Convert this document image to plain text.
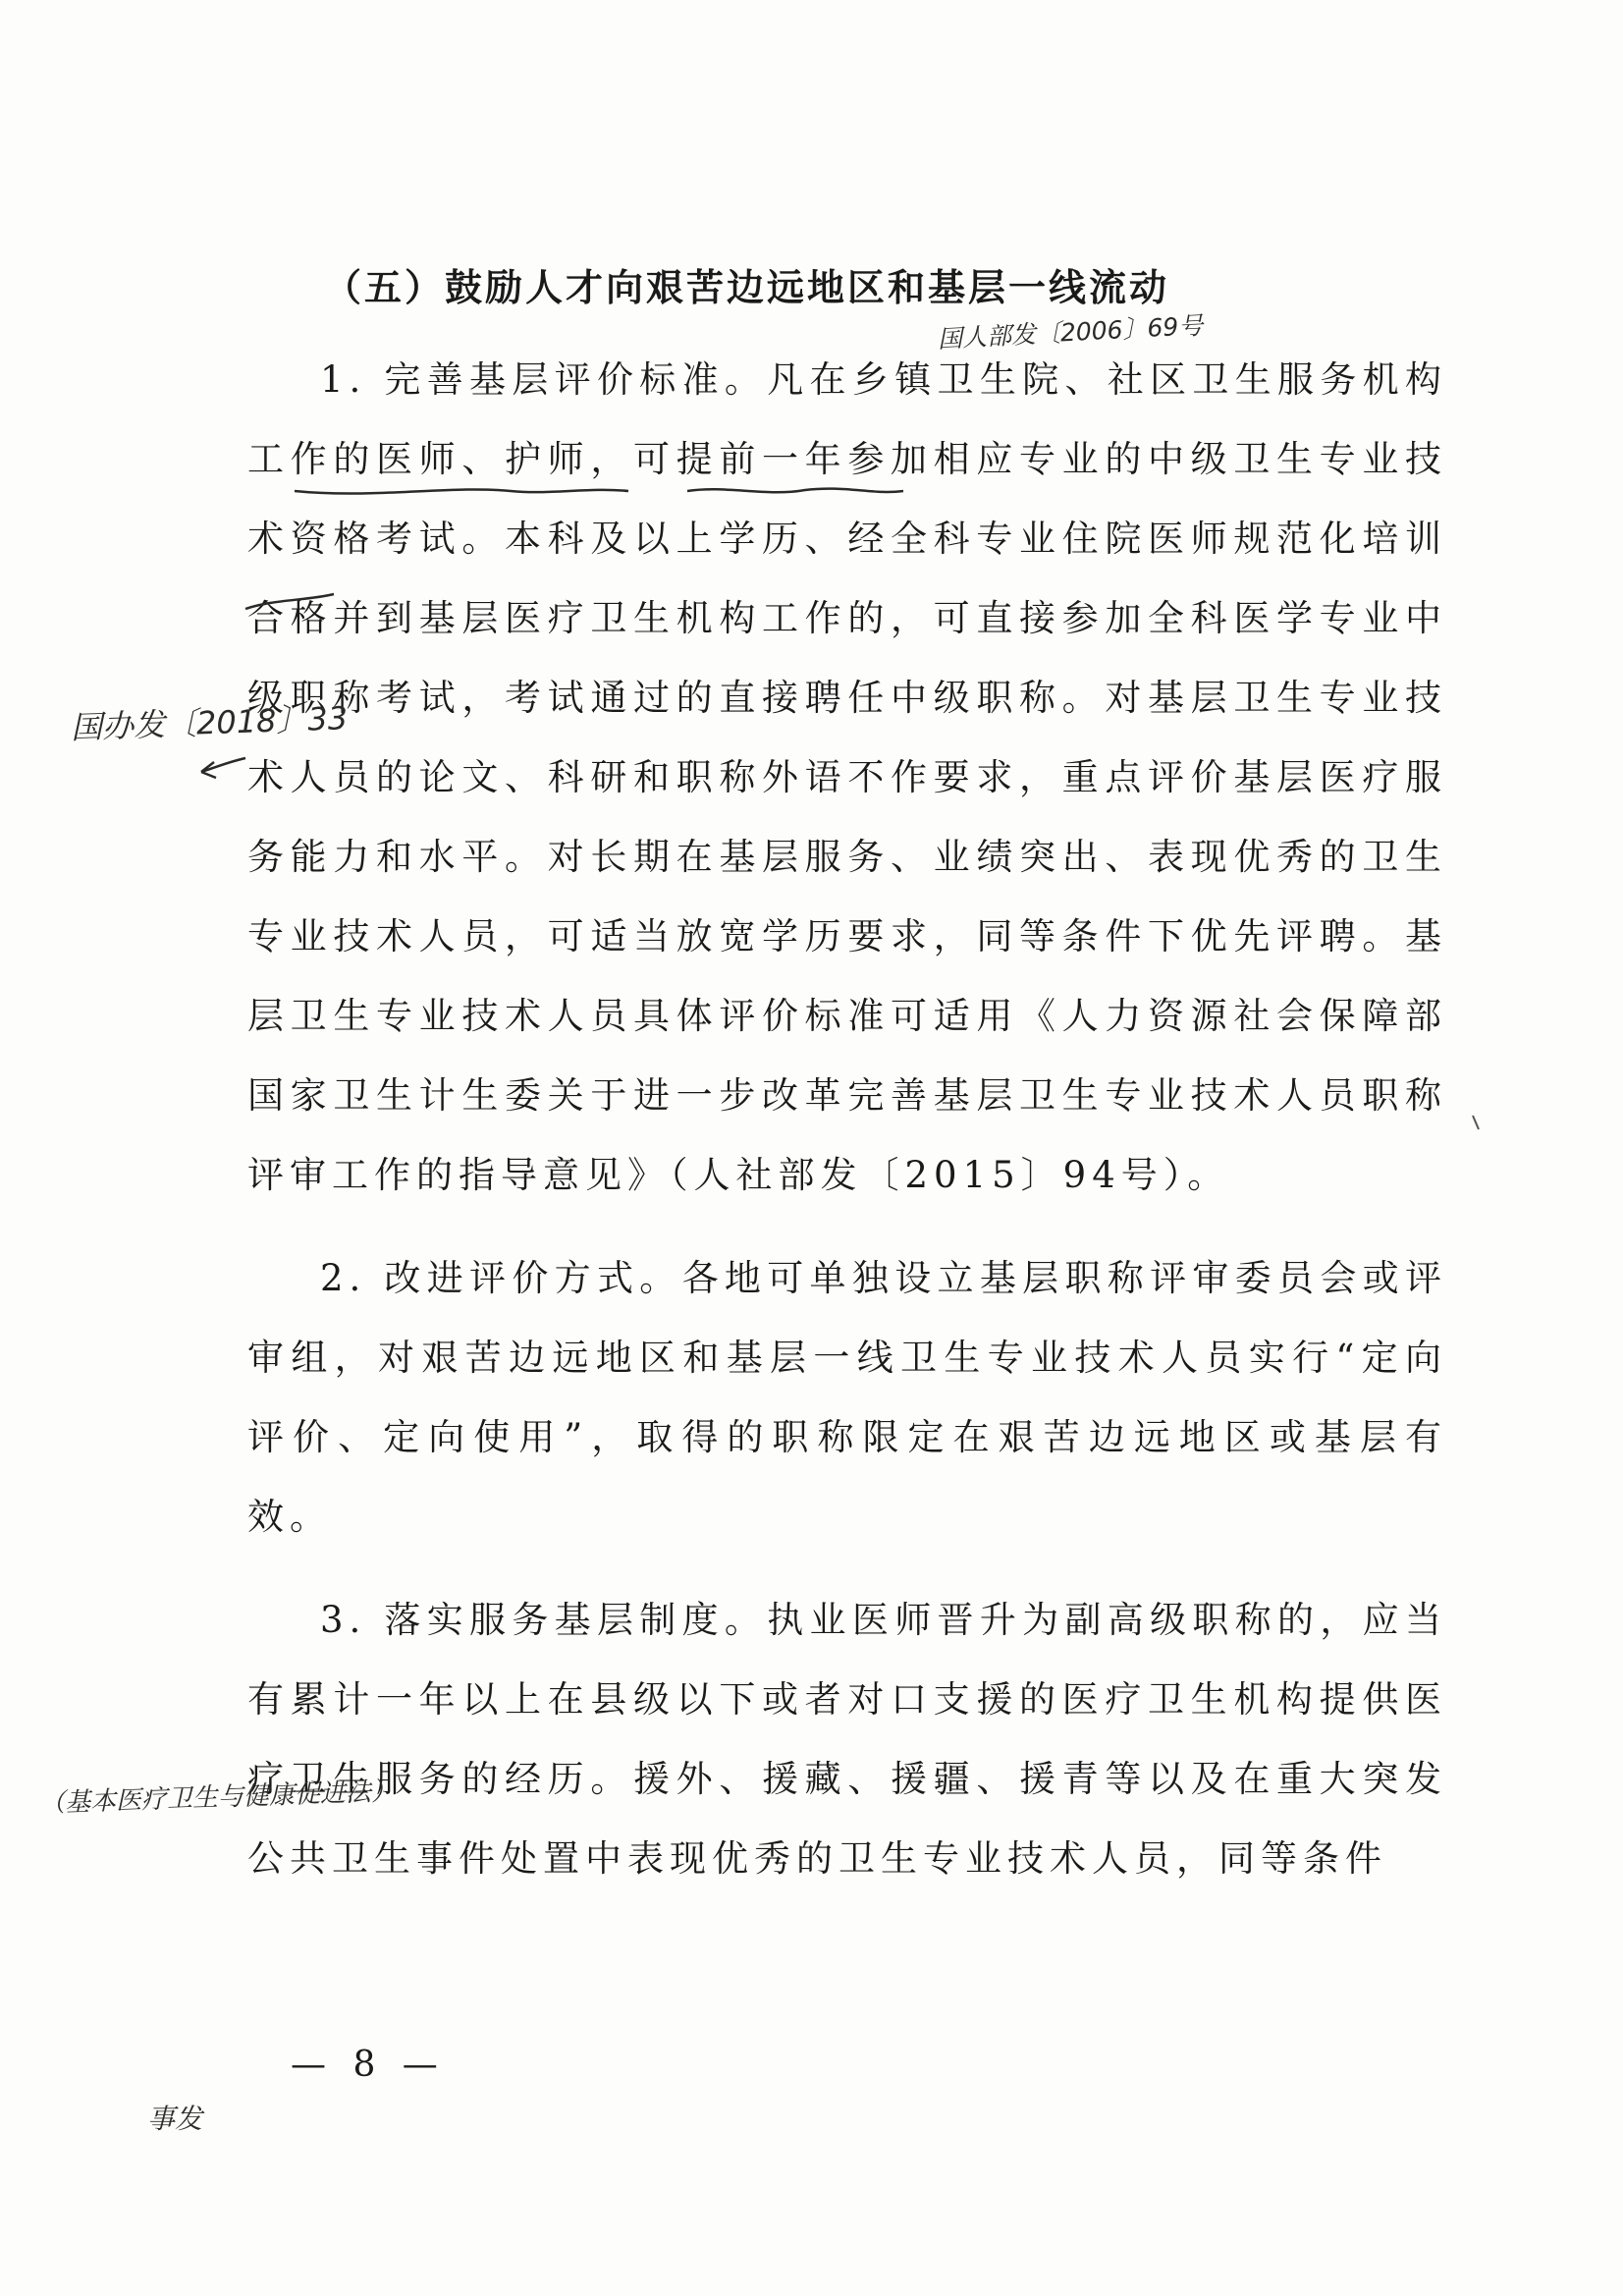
（五）鼓励人才向艰苦边远地区和基层一线流动

1. 完善基层评价标准。凡在乡镇卫生院、社区卫生服务机构工作的医师、护师，可提前一年参加相应专业的中级卫生专业技术资格考试。本科及以上学历、经全科专业住院医师规范化培训合格并到基层医疗卫生机构工作的，可直接参加全科医学专业中级职称考试，考试通过的直接聘任中级职称。对基层卫生专业技术人员的论文、科研和职称外语不作要求，重点评价基层医疗服务能力和水平。对长期在基层服务、业绩突出、表现优秀的卫生专业技术人员，可适当放宽学历要求，同等条件下优先评聘。基层卫生专业技术人员具体评价标准可适用《人力资源社会保障部 国家卫生计生委关于进一步改革完善基层卫生专业技术人员职称评审工作的指导意见》（人社部发〔2015〕94号）。

2. 改进评价方式。各地可单独设立基层职称评审委员会或评审组，对艰苦边远地区和基层一线卫生专业技术人员实行“定向评价、定向使用”，取得的职称限定在艰苦边远地区或基层有效。

3. 落实服务基层制度。执业医师晋升为副高级职称的，应当有累计一年以上在县级以下或者对口支援的医疗卫生机构提供医疗卫生服务的经历。援外、援藏、援疆、援青等以及在重大突发公共卫生事件处置中表现优秀的卫生专业技术人员，同等条件

— 8 —
国人部发〔2006〕69号
国办发〔2018〕33
（基本医疗卫生与健康促进法）
事发
